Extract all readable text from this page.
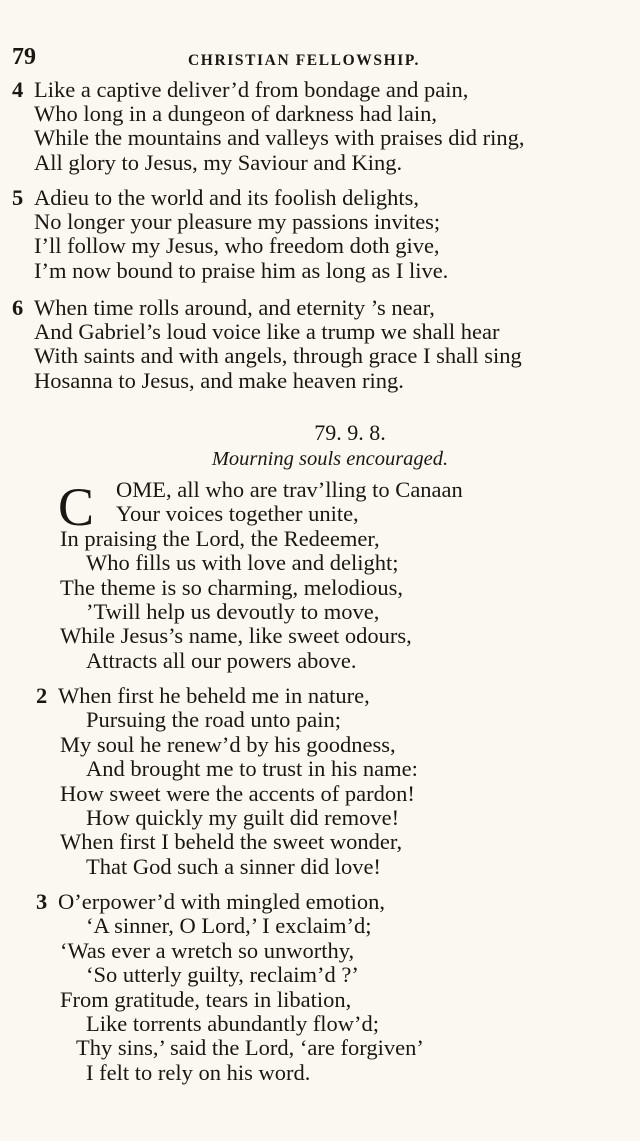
79	CHRISTIAN FELLOWSHIP.
4 Like a captive deliver’d from bondage and pain,
Who long in a dungeon of darkness had lain,
While the mountains and valleys with praises did ring,
All glory to Jesus, my Saviour and King.
5 Adieu to the world and its foolish delights,
No longer your pleasure my passions invites;
I’ll follow my Jesus, who freedom doth give,
I’m now bound to praise him as long as I live.
6 When time rolls around, and eternity ’s near,
And Gabriel’s loud voice like a trump we shall hear
With saints and with angels, through grace I shall sing
Hosanna to Jesus, and make heaven ring.
79. 9. 8.
Mourning souls encouraged.
C OME, all who are trav’lling to Canaan
Your voices together unite,
In praising the Lord, the Redeemer,
Who fills us with love and delight;
The theme is so charming, melodious,
’Twill help us devoutly to move,
While Jesus’s name, like sweet odours,
Attracts all our powers above.
2 When first he beheld me in nature,
Pursuing the road unto pain;
My soul he renew’d by his goodness,
And brought me to trust in his name:
How sweet were the accents of pardon!
How quickly my guilt did remove!
When first I beheld the sweet wonder,
That God such a sinner did love!
3 O’erpower’d with mingled emotion,
‘A sinner, O Lord,’ I exclaim’d;
‘Was ever a wretch so unworthy,
‘So utterly guilty, reclaim’d ?’
From gratitude, tears in libation,
Like torrents abundantly flow’d;
Thy sins,’ said the Lord, ‘are forgiven’
I felt to rely on his word.
